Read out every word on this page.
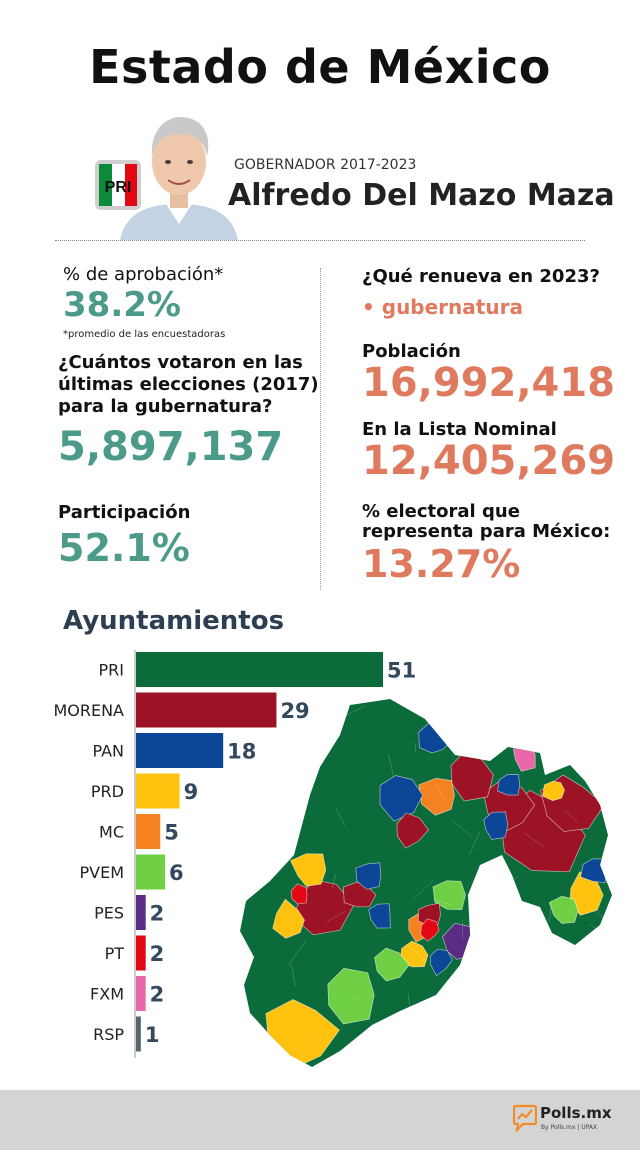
Estado de México
PRI
GOBERNADOR 2017-2023
Alfredo Del Mazo Maza
% de aprobación*
38.2%
*promedio de las encuestadoras
¿Cuántos votaron en las últimas elecciones (2017) para la gubernatura?
5,897,137
Participación
52.1%
¿Qué renueva en 2023?
• gubernatura
Población
16,992,418
En la Lista Nominal
12,405,269
% electoral que representa para México:
13.27%
Ayuntamientos
PRI	51
MORENA	29
PAN	18
PRD	9
MC 5
PVEM 6
PES 2
PT 2
FXM 2
RSP 1
Polls.mx
By Polls.mx | UPAX
